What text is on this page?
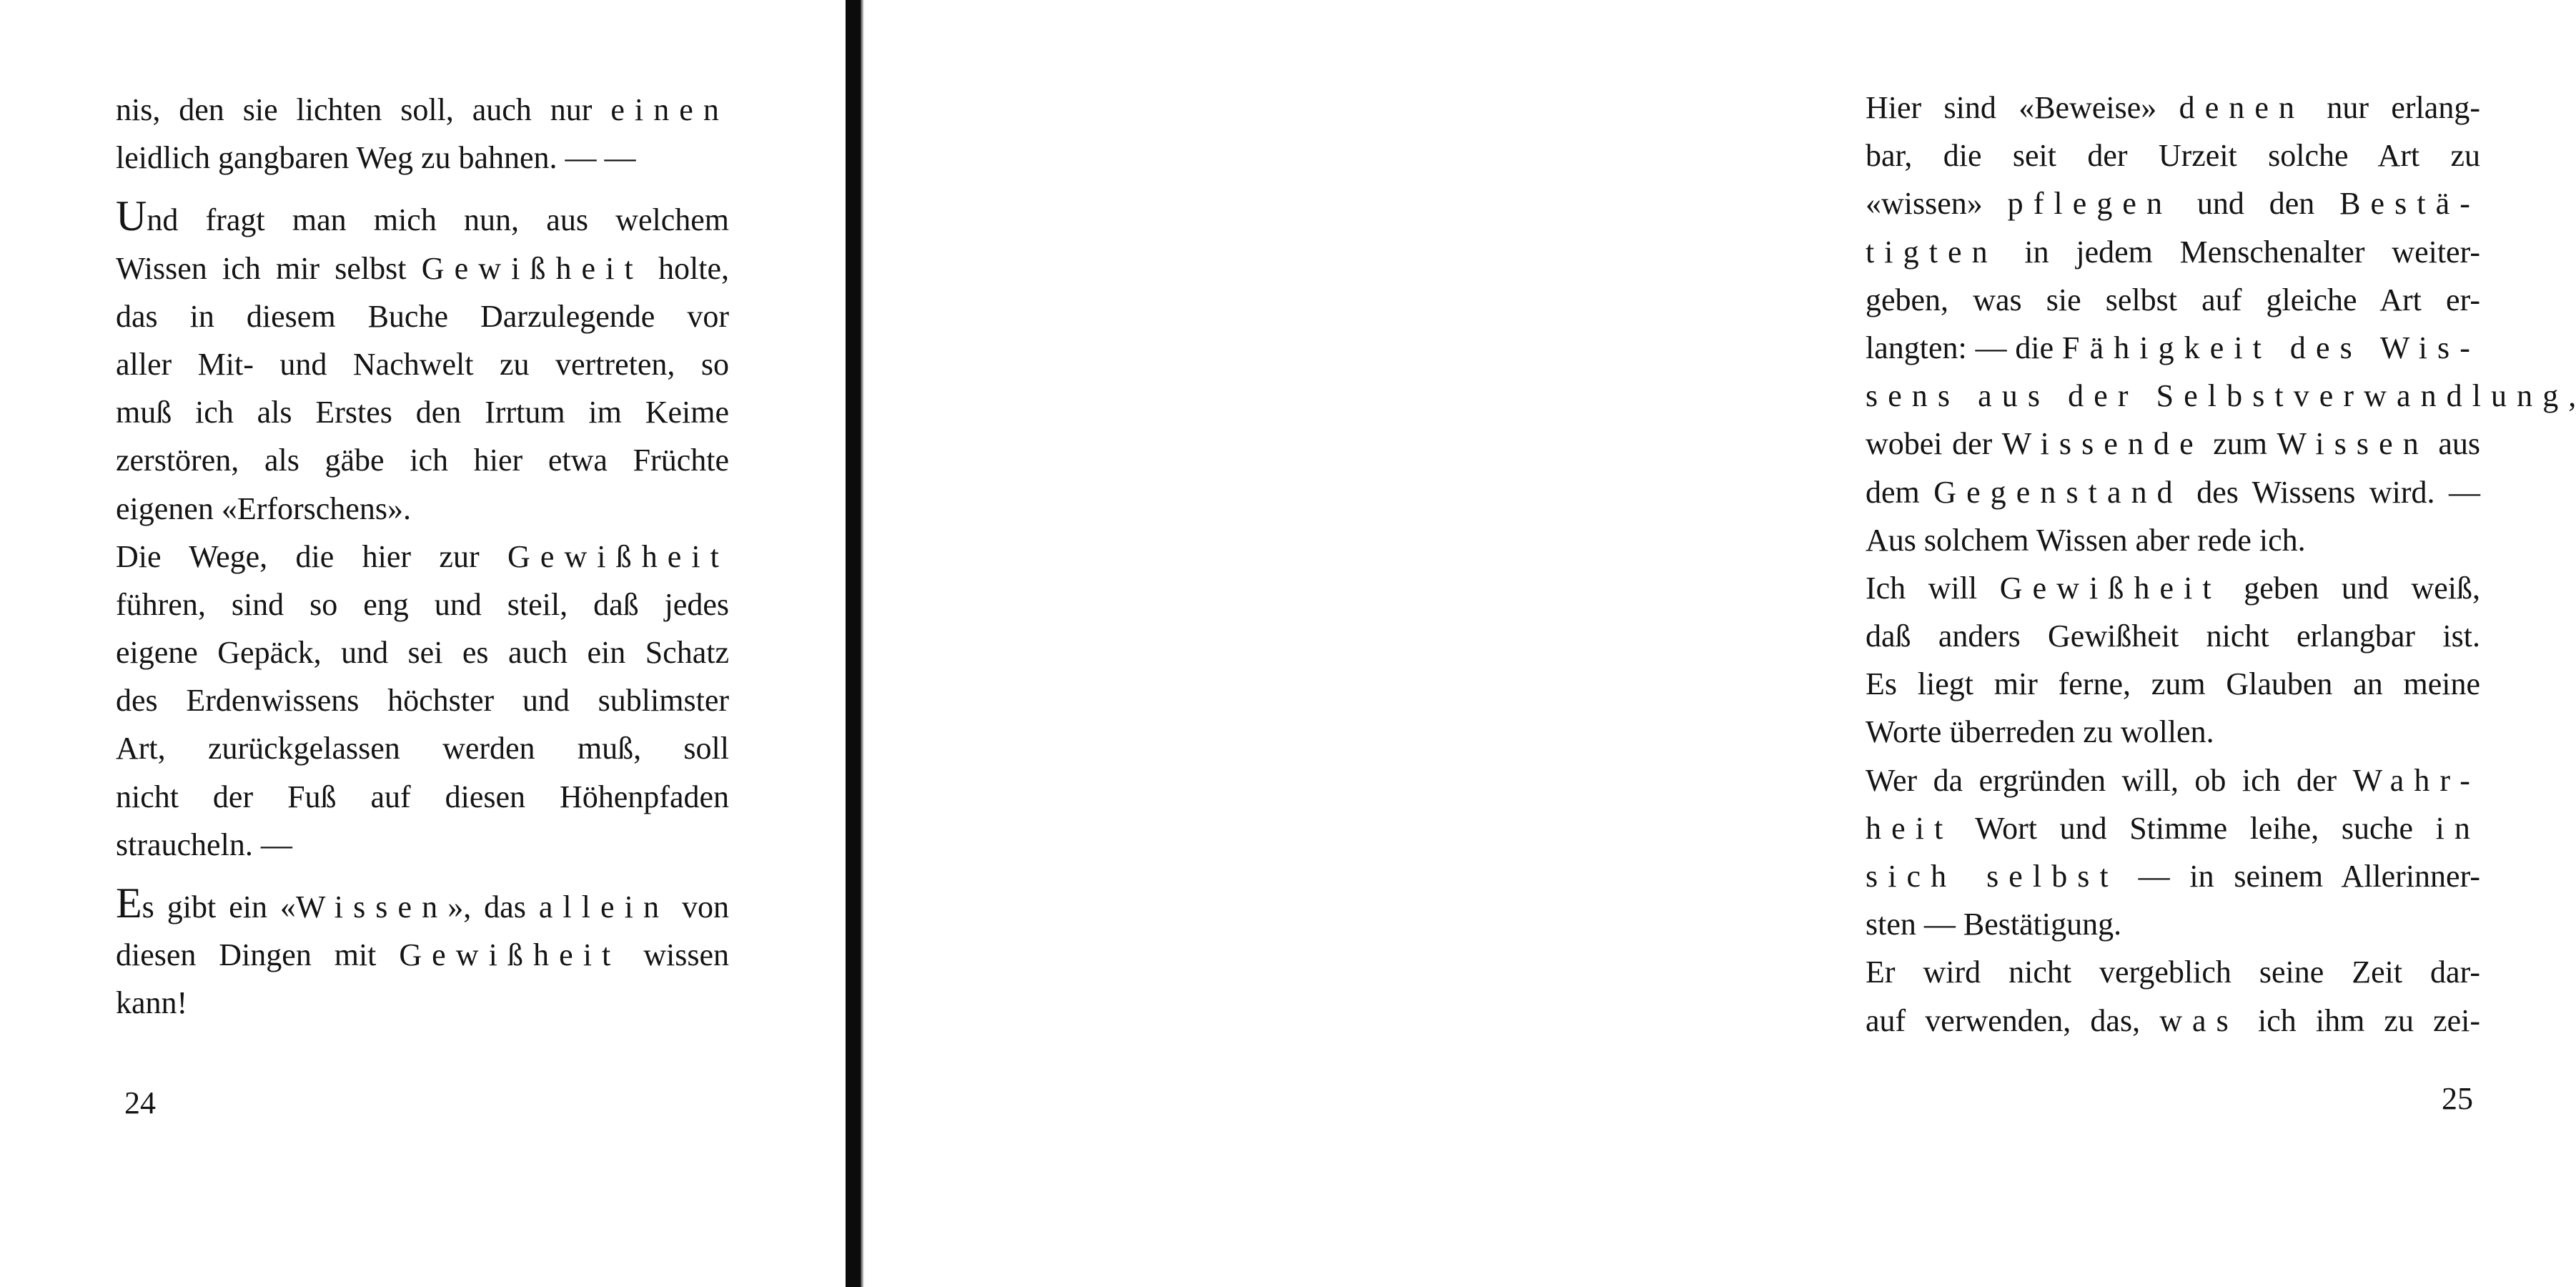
nis, den sie lichten soll, auch nur einen
leidlich gangbaren Weg zu bahnen. — —
Und fragt man mich nun, aus welchem
Wissen ich mir selbst Gewißheit holte,
das in diesem Buche Darzulegende vor
aller Mit- und Nachwelt zu vertreten, so
muß ich als Erstes den Irrtum im Keime
zerstören, als gäbe ich hier etwa Früchte
eigenen «Erforschens».
Die Wege, die hier zur Gewißheit
führen, sind so eng und steil, daß jedes
eigene Gepäck, und sei es auch ein Schatz
des Erdenwissens höchster und sublimster
Art, zurückgelassen werden muß, soll
nicht der Fuß auf diesen Höhenpfaden
straucheln. —
Es gibt ein «Wissen», das allein von
diesen Dingen mit Gewißheit wissen
kann!
24
Hier sind «Beweise» denen nur erlang-
bar, die seit der Urzeit solche Art zu
«wissen» pflegen und den Bestä-
tigten in jedem Menschenalter weiter-
geben, was sie selbst auf gleiche Art er-
langten: — die Fähigkeit des Wis-
sens aus der Selbstverwandlung,
wobei der Wissende zum Wissen aus
dem Gegenstand des Wissens wird. —
Aus solchem Wissen aber rede ich.
Ich will Gewißheit geben und weiß,
daß anders Gewißheit nicht erlangbar ist.
Es liegt mir ferne, zum Glauben an meine
Worte überreden zu wollen.
Wer da ergründen will, ob ich der Wahr-
heit Wort und Stimme leihe, suche in
sich selbst — in seinem Allerinner-
sten — Bestätigung.
Er wird nicht vergeblich seine Zeit dar-
auf verwenden, das, was ich ihm zu zei-
25
